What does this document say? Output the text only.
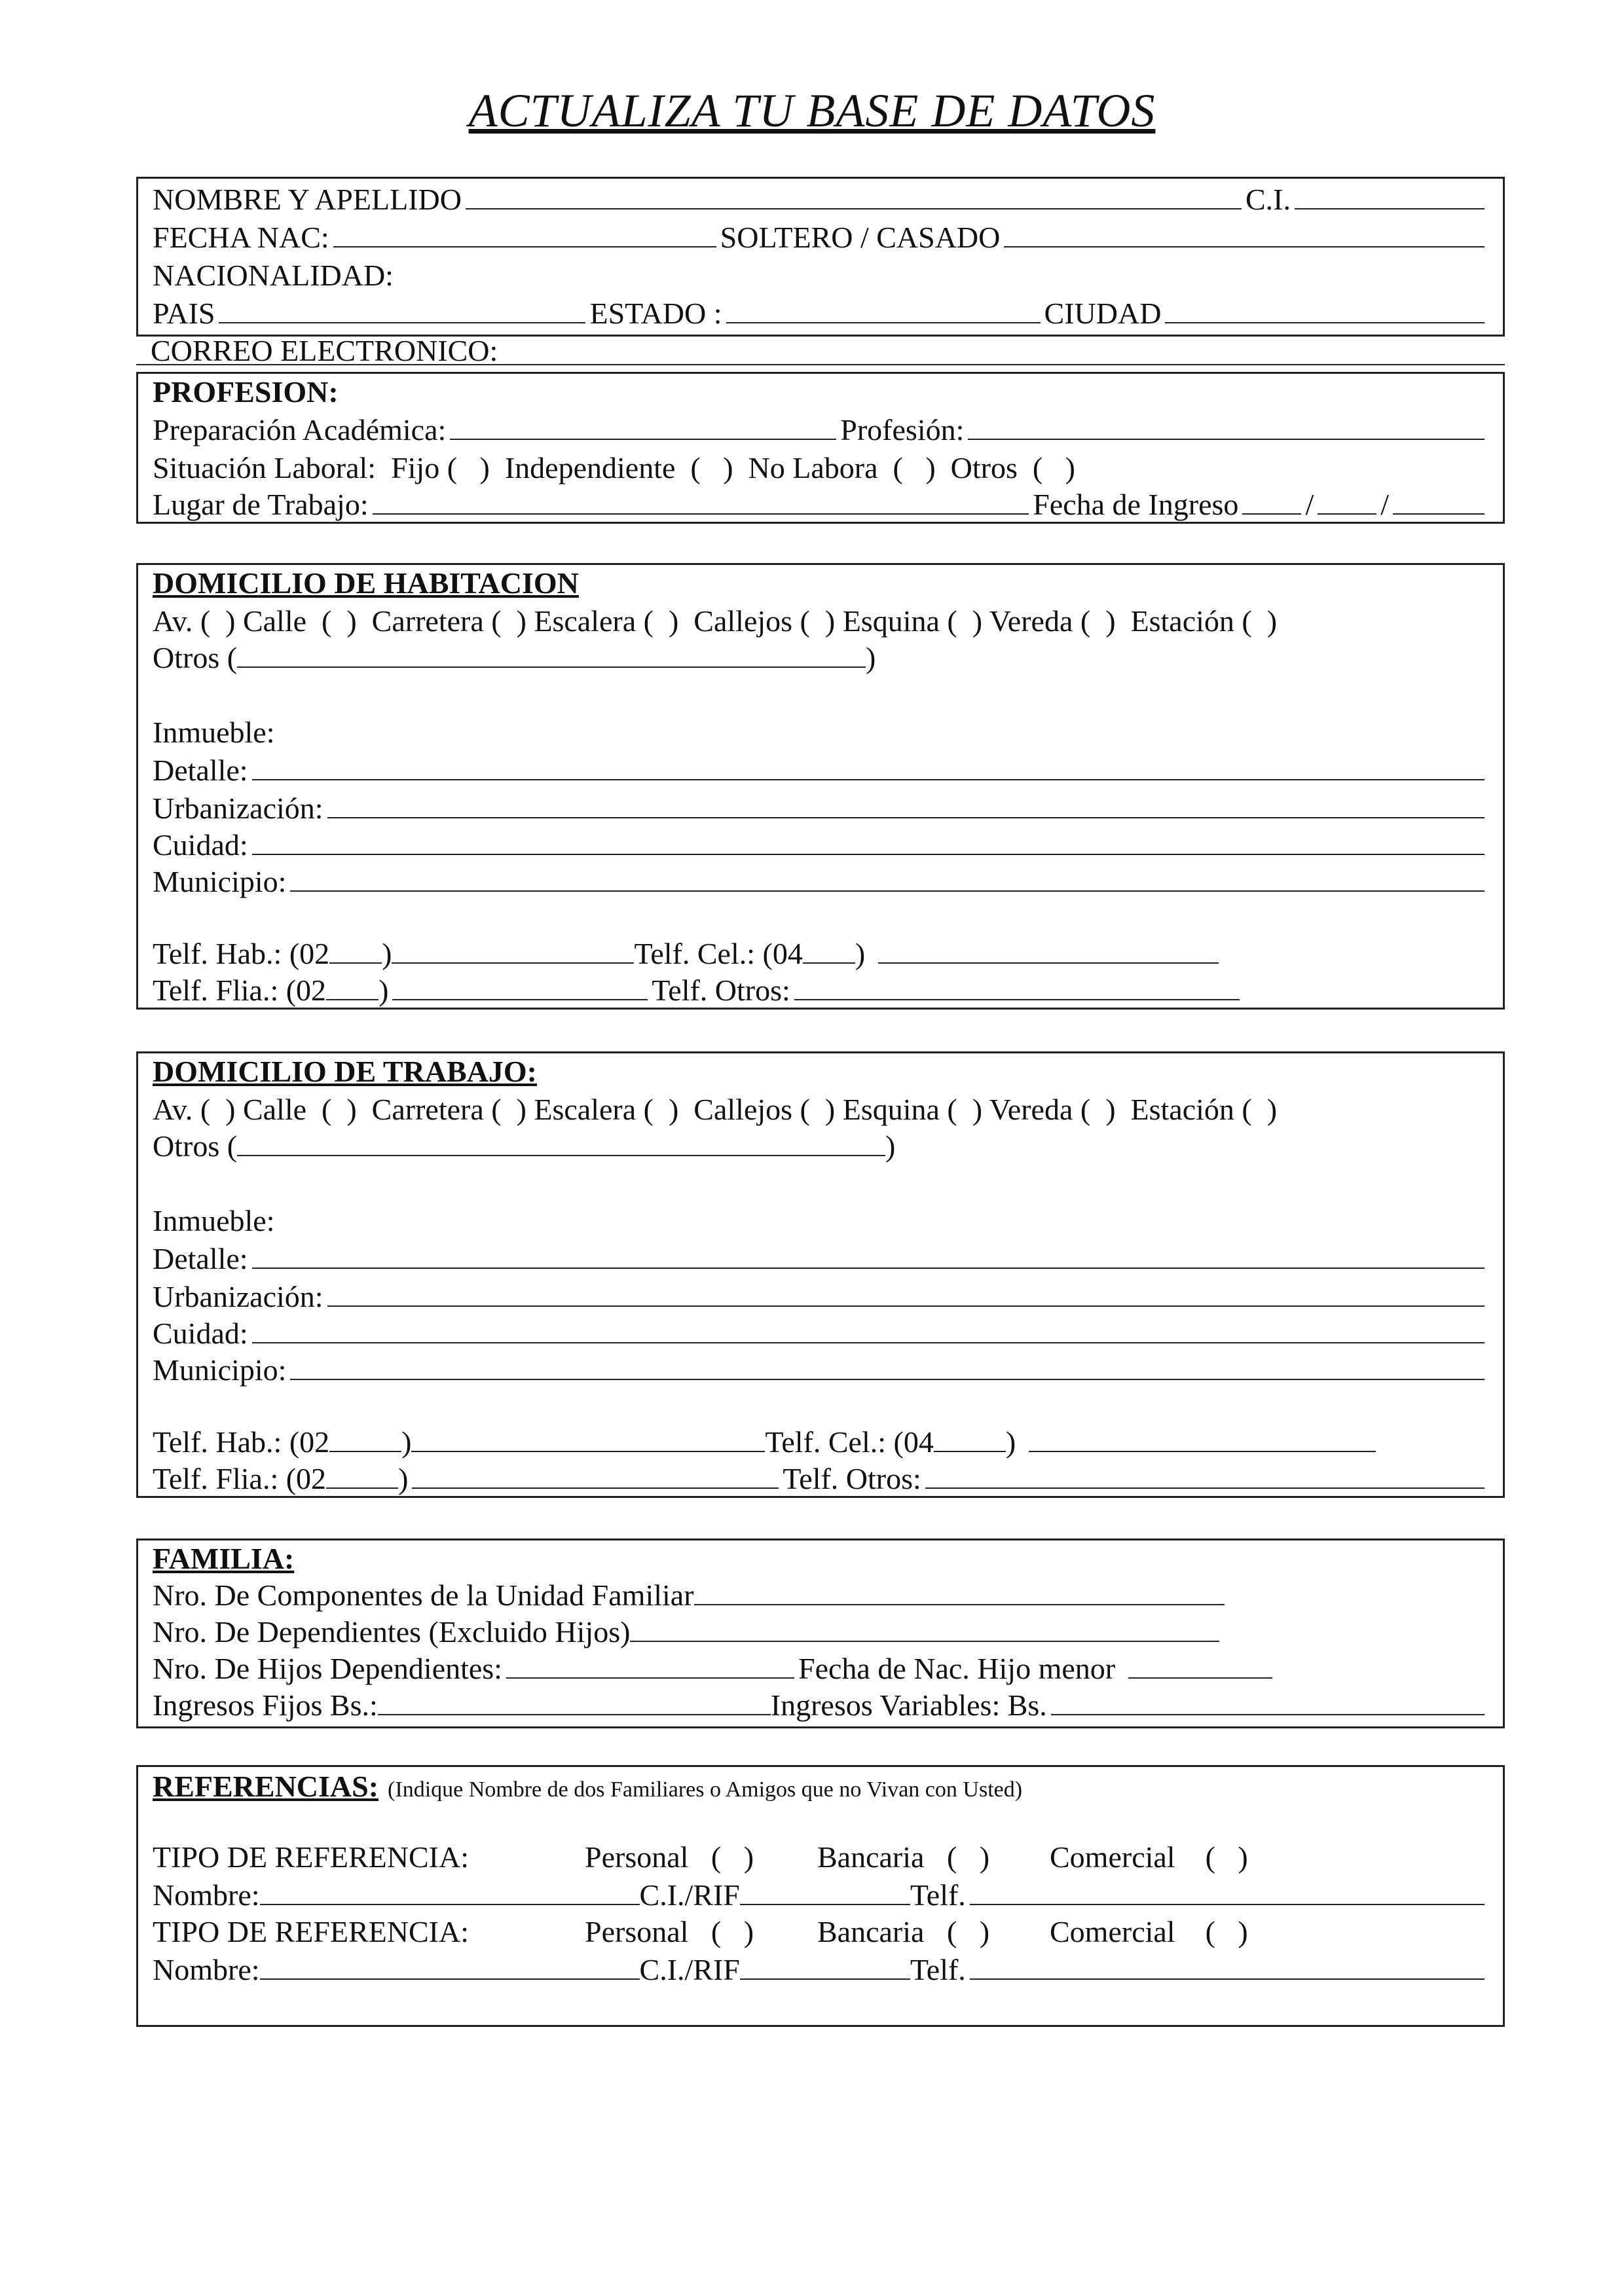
ACTUALIZA TU BASE DE DATOS
NOMBRE Y APELLIDO	C.I.
FECHA NAC:	SOLTERO / CASADO
NACIONALIDAD:
PAIS	ESTADO :	CIUDAD
CORREO ELECTRONICO:
PROFESION:
Preparación Académica:	Profesión:
Situación Laboral:  Fijo (   )  Independiente  (   )  No Labora  (   )  Otros  (   )
Lugar de Trabajo:	Fecha de Ingreso / /
DOMICILIO DE HABITACION
Av. (  ) Calle  (  )  Carretera (  ) Escalera (  )  Callejos (  ) Esquina (  ) Vereda (  )  Estación (  )
Otros (	)
Inmueble:
Detalle:
Urbanización:
Cuidad:
Municipio:
Telf. Hab.: (02 )	Telf. Cel.: (04 )
Telf. Flia.: (02 )	Telf. Otros:
DOMICILIO DE TRABAJO:
Av. (  ) Calle  (  )  Carretera (  ) Escalera (  )  Callejos (  ) Esquina (  ) Vereda (  )  Estación (  )
Otros (	)
Inmueble:
Detalle:
Urbanización:
Cuidad:
Municipio:
Telf. Hab.: (02 )	Telf. Cel.: (04 )
Telf. Flia.: (02 )	Telf. Otros:
FAMILIA:
Nro. De Componentes de la Unidad Familiar
Nro. De Dependientes (Excluido Hijos)
Nro. De Hijos Dependientes:	Fecha de Nac. Hijo menor
Ingresos Fijos Bs.:	Ingresos Variables: Bs.
REFERENCIAS: (Indique Nombre de dos Familiares o Amigos que no Vivan con Usted)
TIPO DE REFERENCIA:	Personal   (   )	Bancaria   (   )	Comercial    (   )
Nombre:	C.I./RIF	Telf.
TIPO DE REFERENCIA:	Personal   (   )	Bancaria   (   )	Comercial    (   )
Nombre:	C.I./RIF	Telf.
